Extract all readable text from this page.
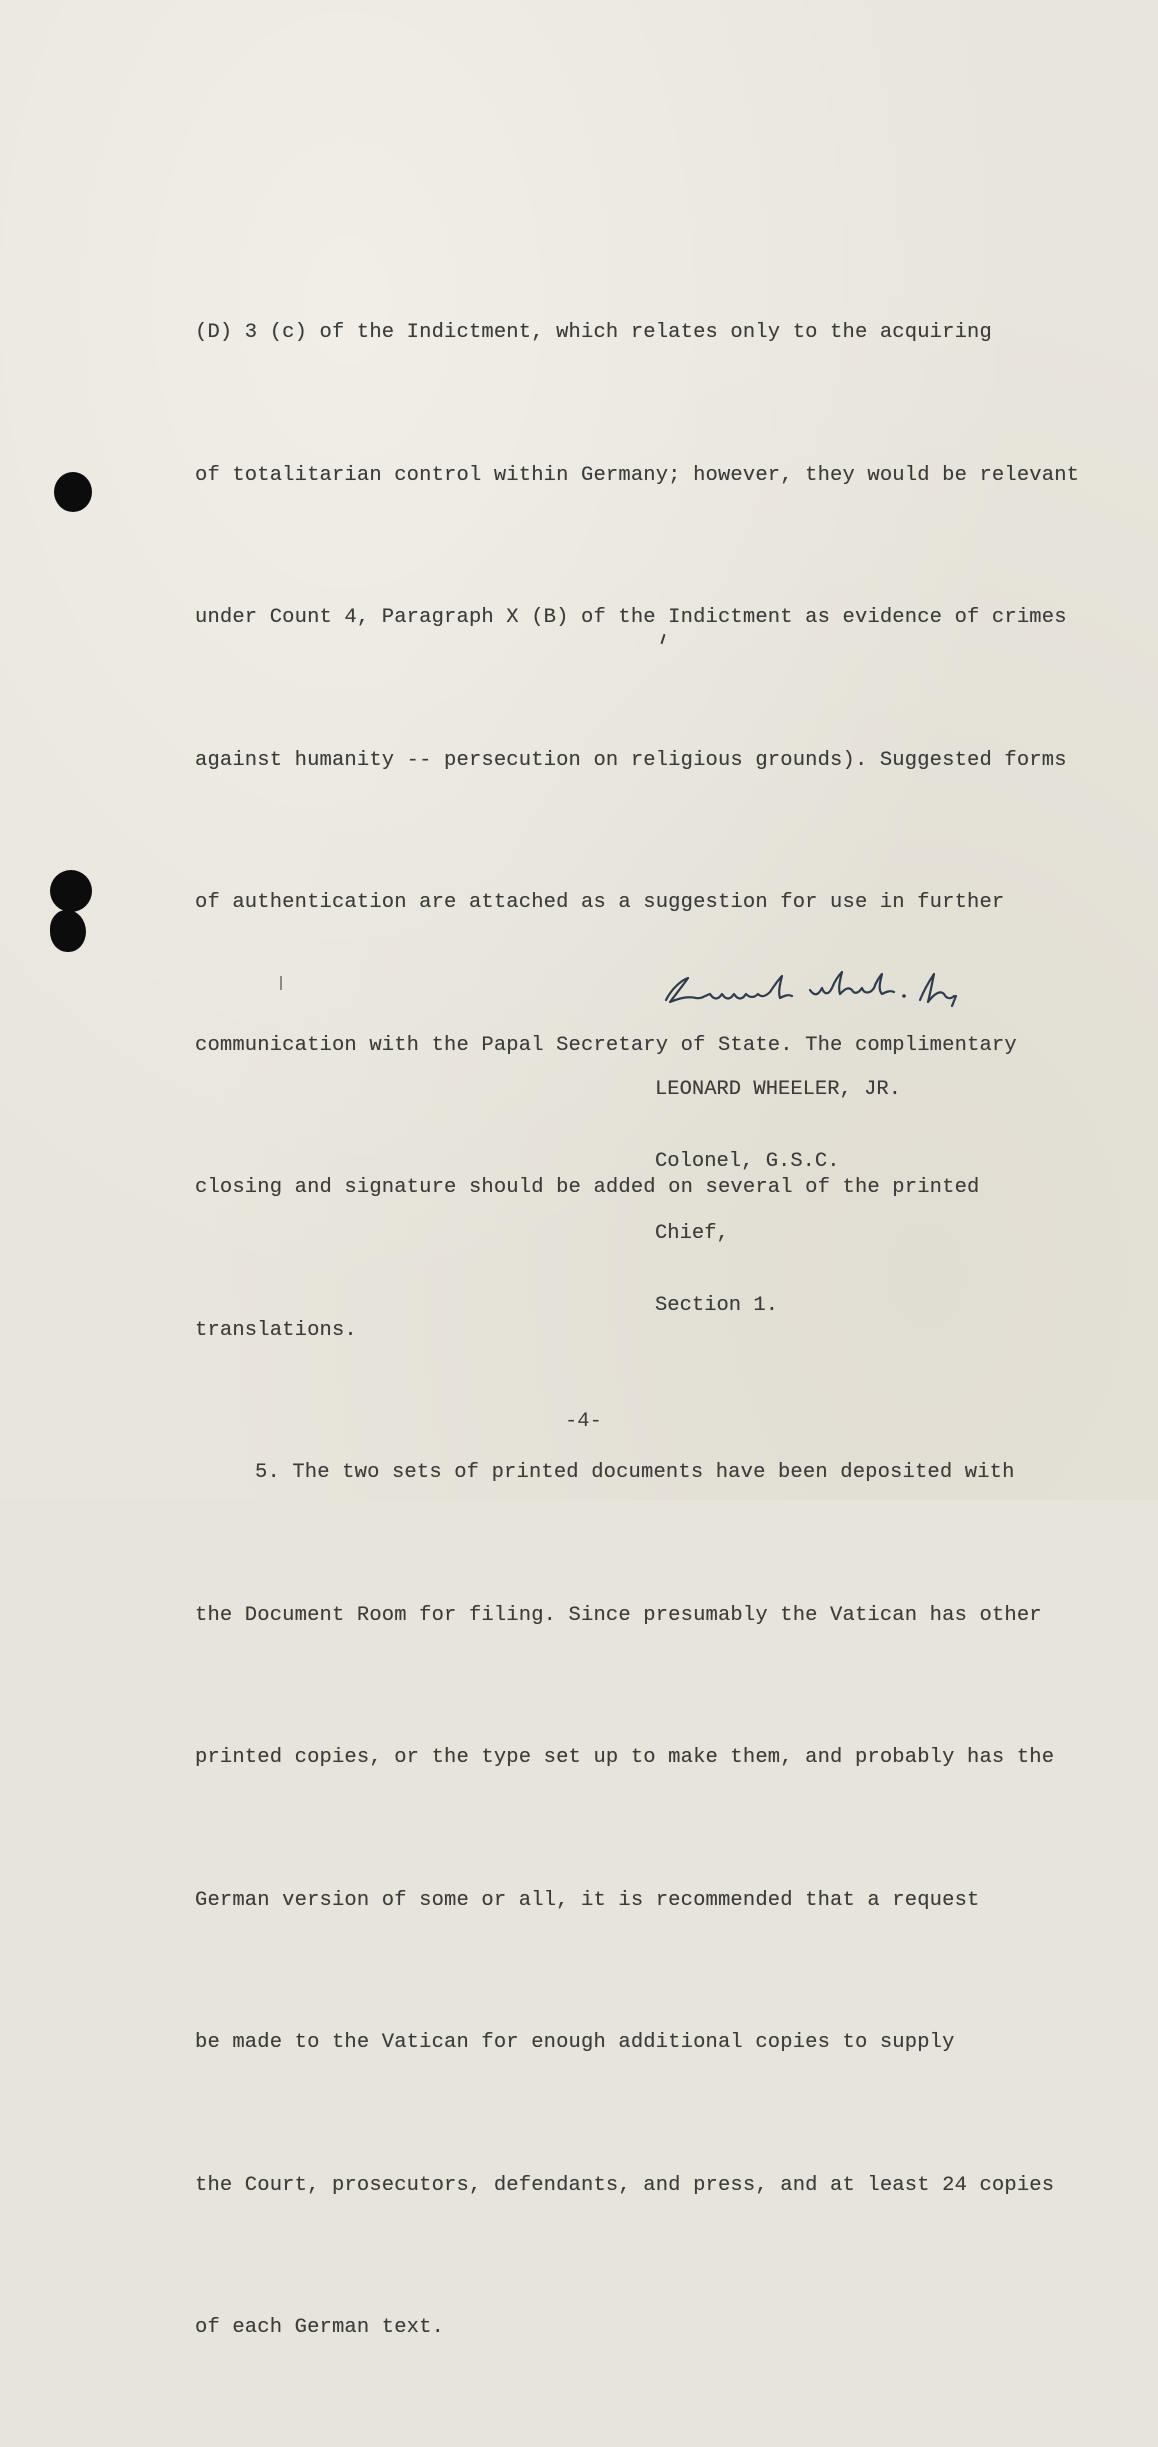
(D) 3 (c) of the Indictment, which relates only to the acquiring

of totalitarian control within Germany; however, they would be relevant

under Count 4, Paragraph X (B) of the Indictment as evidence of crimes

against humanity -- persecution on religious grounds). Suggested forms

of authentication are attached as a suggestion for use in further

communication with the Papal Secretary of State. The complimentary

closing and signature should be added on several of the printed

translations.

5. The two sets of printed documents have been deposited with

the Document Room for filing. Since presumably the Vatican has other

printed copies, or the type set up to make them, and probably has the

German version of some or all, it is recommended that a request

be made to the Vatican for enough additional copies to supply

the Court, prosecutors, defendants, and press, and at least 24 copies

of each German text.

LEONARD WHEELER, JR.

Colonel, G.S.C.

Chief,

Section 1.

-4-
